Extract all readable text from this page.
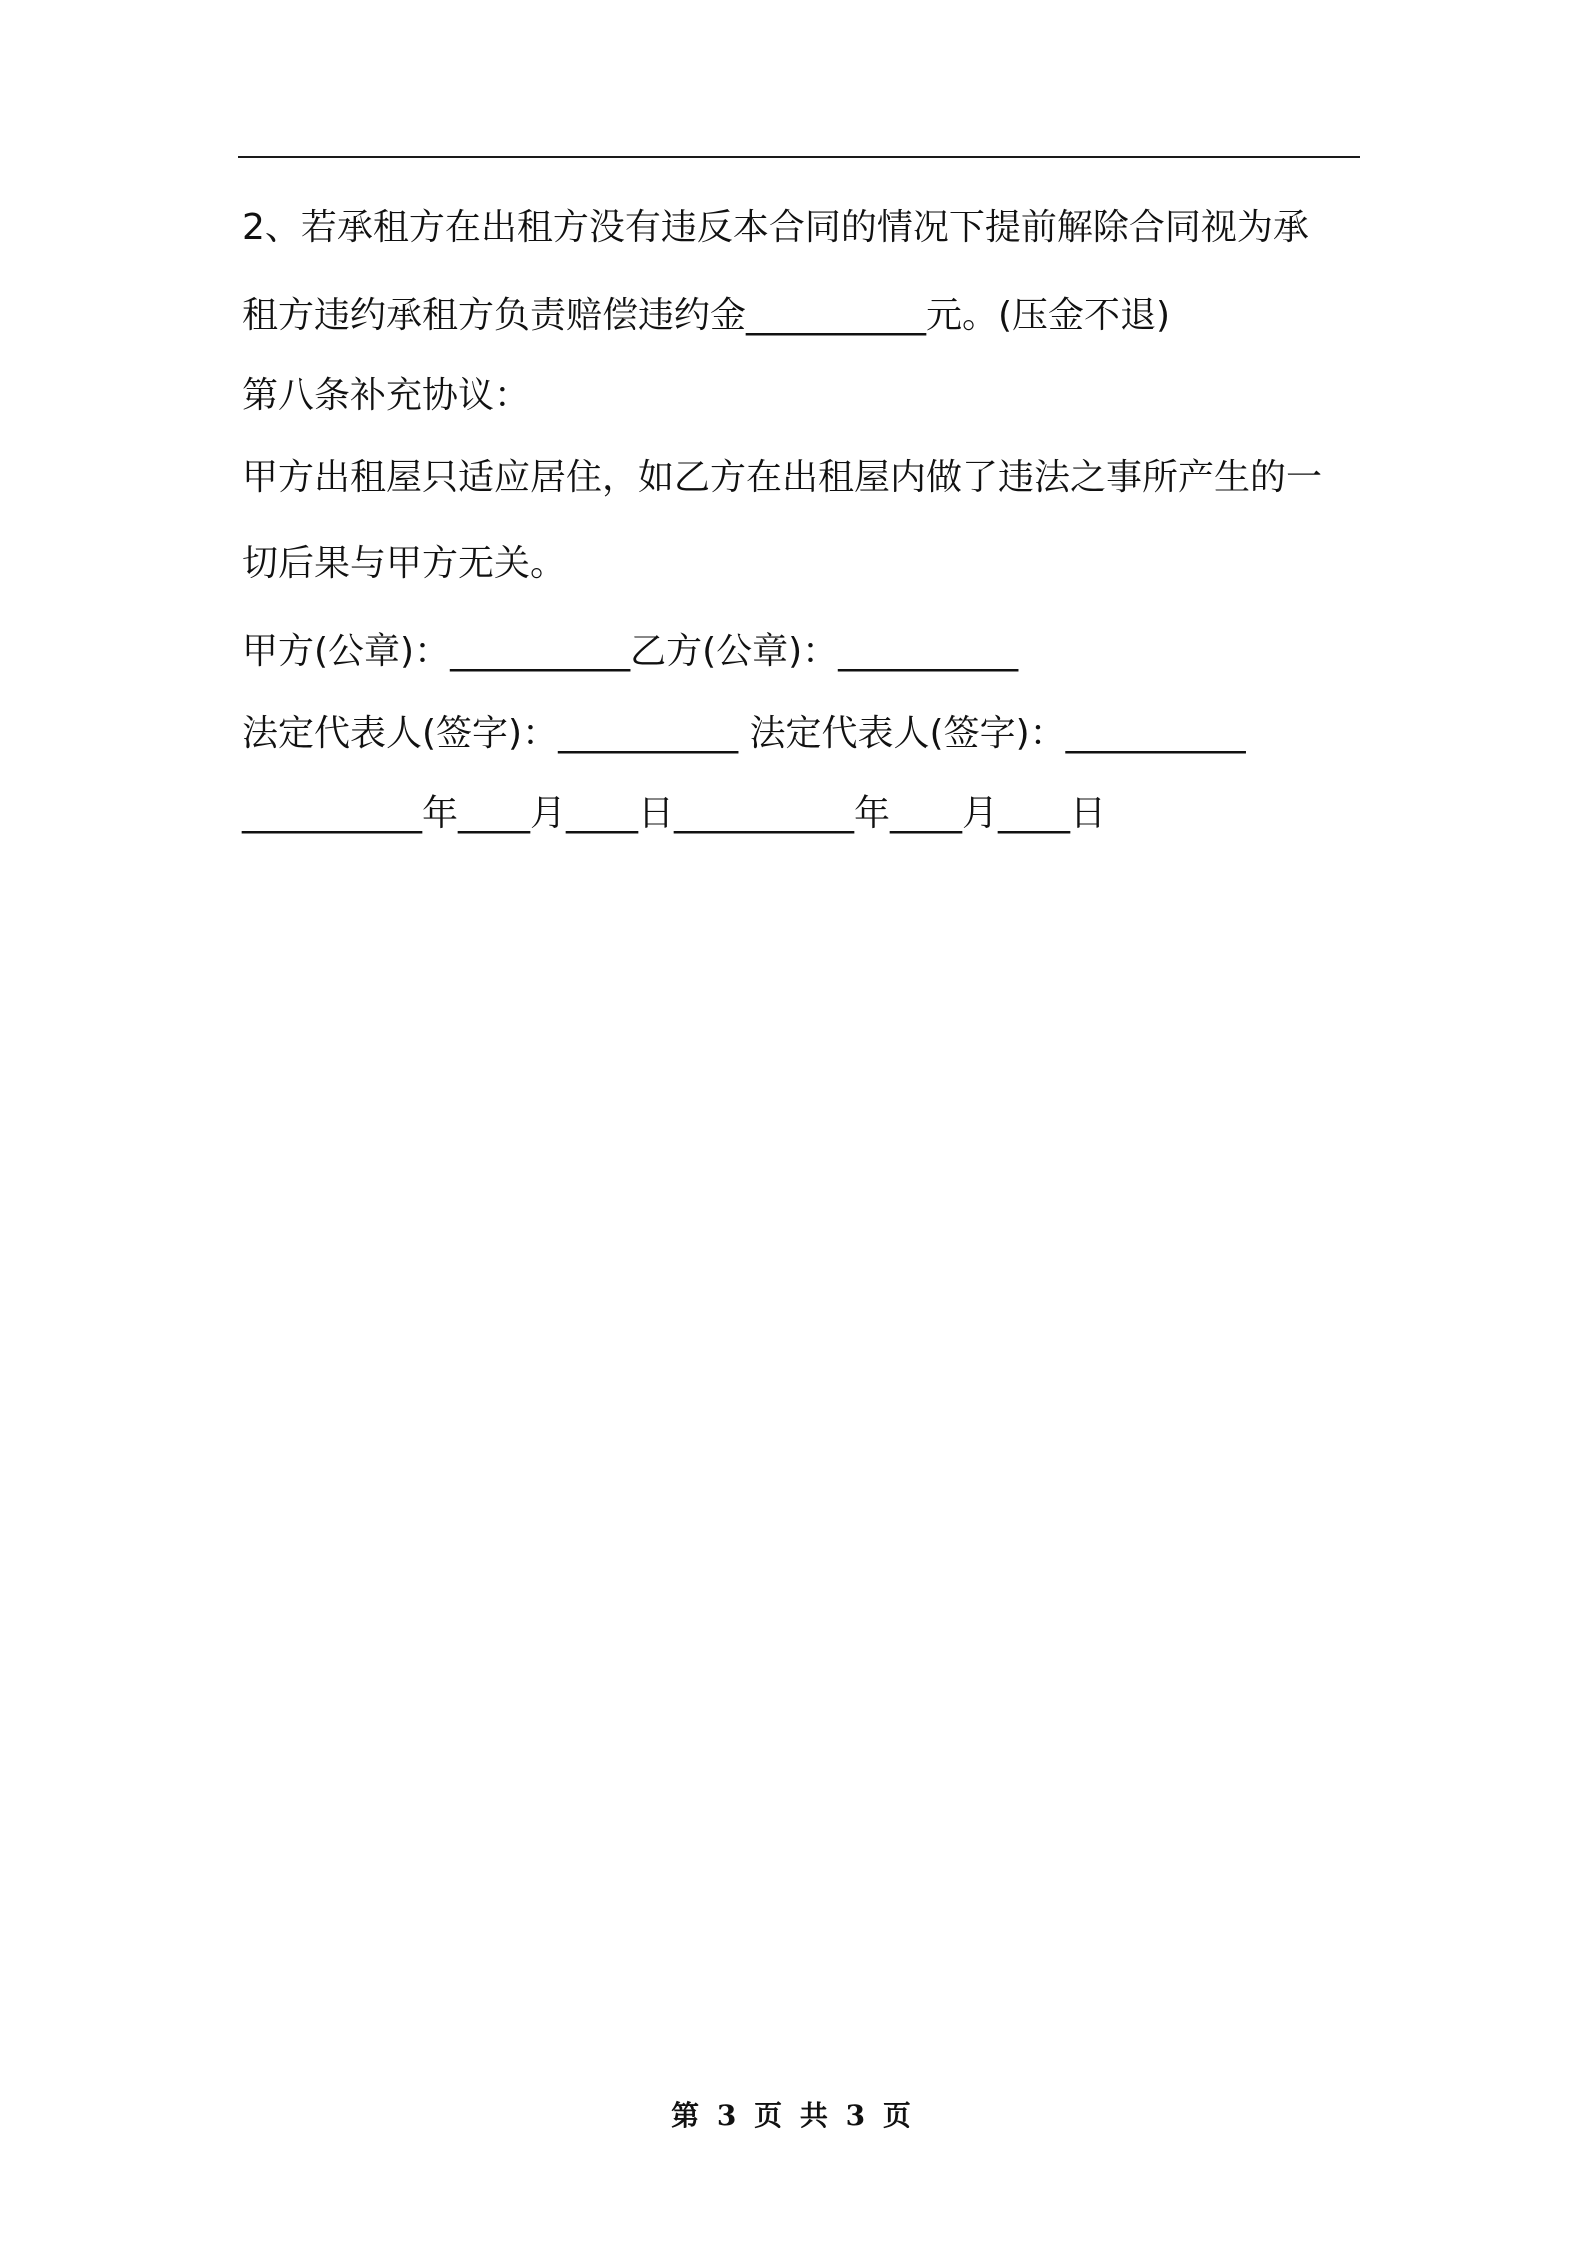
2、若承租方在出租方没有违反本合同的情况下提前解除合同视为承
租方违约承租方负责赔偿违约金__________元。(压金不退)
第八条补充协议：
甲方出租屋只适应居住，如乙方在出租屋内做了违法之事所产生的一
切后果与甲方无关。
甲方(公章)：__________乙方(公章)：__________
法定代表人(签字)：__________ 法定代表人(签字)：__________
__________年____月____日__________年____月____日
第 3 页 共 3 页
